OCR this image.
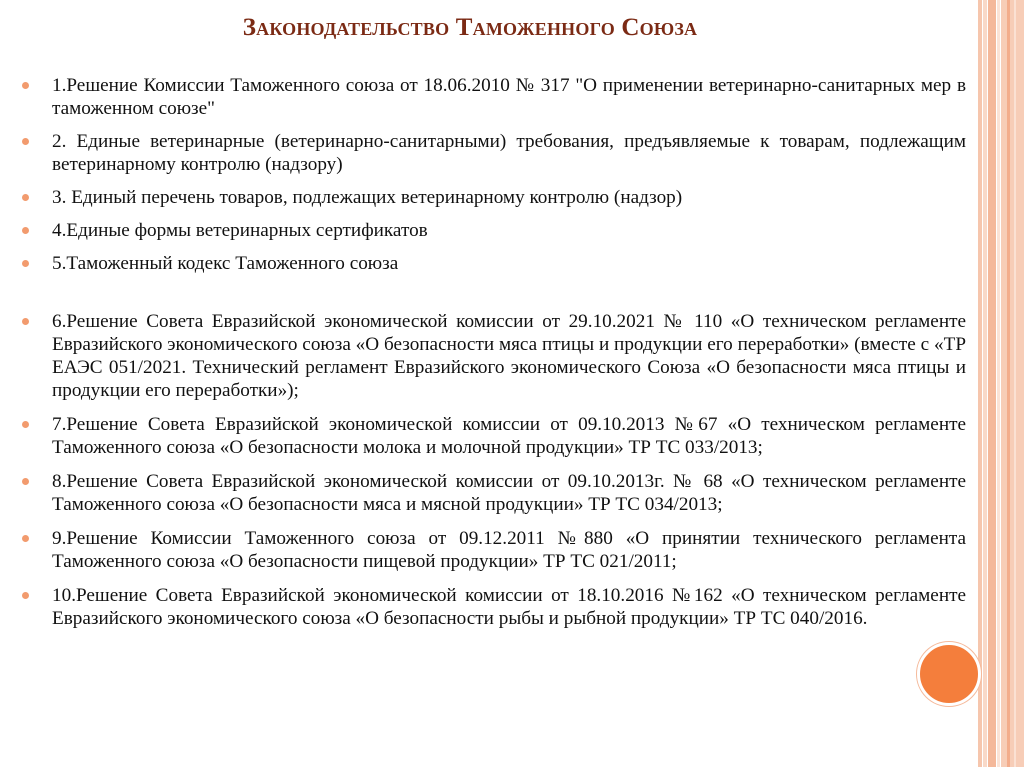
Законодательство Таможенного Союза
1.Решение Комиссии Таможенного союза от 18.06.2010 № 317 "О применении ветеринарно-санитарных мер в таможенном союзе"
2. Единые ветеринарные (ветеринарно-санитарными) требования, предъявляемые к товарам, подлежащим ветеринарному контролю (надзору)
3. Единый перечень товаров, подлежащих ветеринарному контролю (надзор)
4.Единые формы ветеринарных сертификатов
5.Таможенный кодекс Таможенного союза
6.Решение Совета Евразийской экономической комиссии от 29.10.2021 № 110 «О техническом регламенте Евразийского экономического союза «О безопасности мяса птицы и продукции его переработки» (вместе с «ТР ЕАЭС 051/2021. Технический регламент Евразийского экономического Союза «О безопасности мяса птицы и продукции его переработки»);
7.Решение Совета Евразийской экономической комиссии от 09.10.2013 №67 «О техническом регламенте Таможенного союза «О безопасности молока и молочной продукции» ТР ТС 033/2013;
8.Решение Совета Евразийской экономической комиссии от 09.10.2013г. № 68 «О техническом регламенте Таможенного союза «О безопасности мяса и мясной продукции» ТР ТС 034/2013;
9.Решение Комиссии Таможенного союза от 09.12.2011 №880 «О принятии технического регламента Таможенного союза «О безопасности пищевой продукции» ТР ТС 021/2011;
10.Решение Совета Евразийской экономической комиссии от 18.10.2016 №162 «О техническом регламенте Евразийского экономического союза «О безопасности рыбы и рыбной продукции» ТР ТС 040/2016.
